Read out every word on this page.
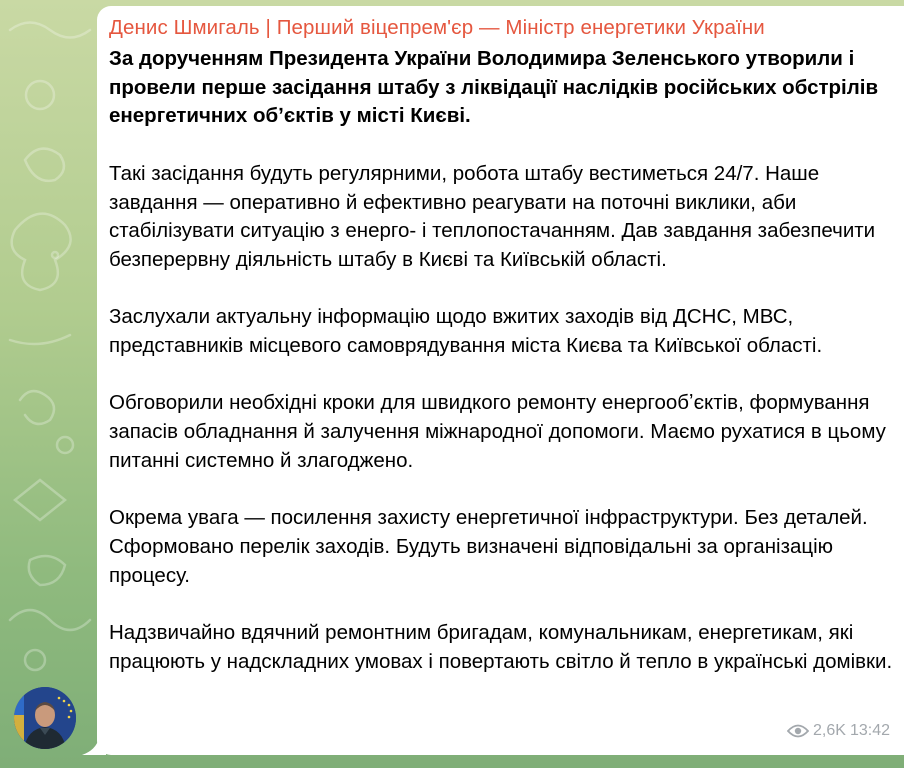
Денис Шмигаль | Перший віцепрем'єр — Міністр енергетики України

За дорученням Президента України Володимира Зеленського утворили і провели перше засідання штабу з ліквідації наслідків російських обстрілів енергетичних обʼєктів у місті Києві.

Такі засідання будуть регулярними, робота штабу вестиметься 24/7. Наше завдання — оперативно й ефективно реагувати на поточні виклики, аби стабілізувати ситуацію з енерго- і теплопостачанням. Дав завдання забезпечити безперервну діяльність штабу в Києві та Київській області.

Заслухали актуальну інформацію щодо вжитих заходів від ДСНС, МВС, представників місцевого самоврядування міста Києва та Київської області.

Обговорили необхідні кроки для швидкого ремонту енергообʼєктів, формування запасів обладнання й залучення міжнародної допомоги. Маємо рухатися в цьому питанні системно й злагоджено.

Окрема увага — посилення захисту енергетичної інфраструктури. Без деталей. Сформовано перелік заходів. Будуть визначені відповідальні за організацію процесу.

Надзвичайно вдячний ремонтним бригадам, комунальникам, енергетикам, які працюють у надскладних умовах і повертають світло й тепло в українські домівки.

2,6K 13:42
